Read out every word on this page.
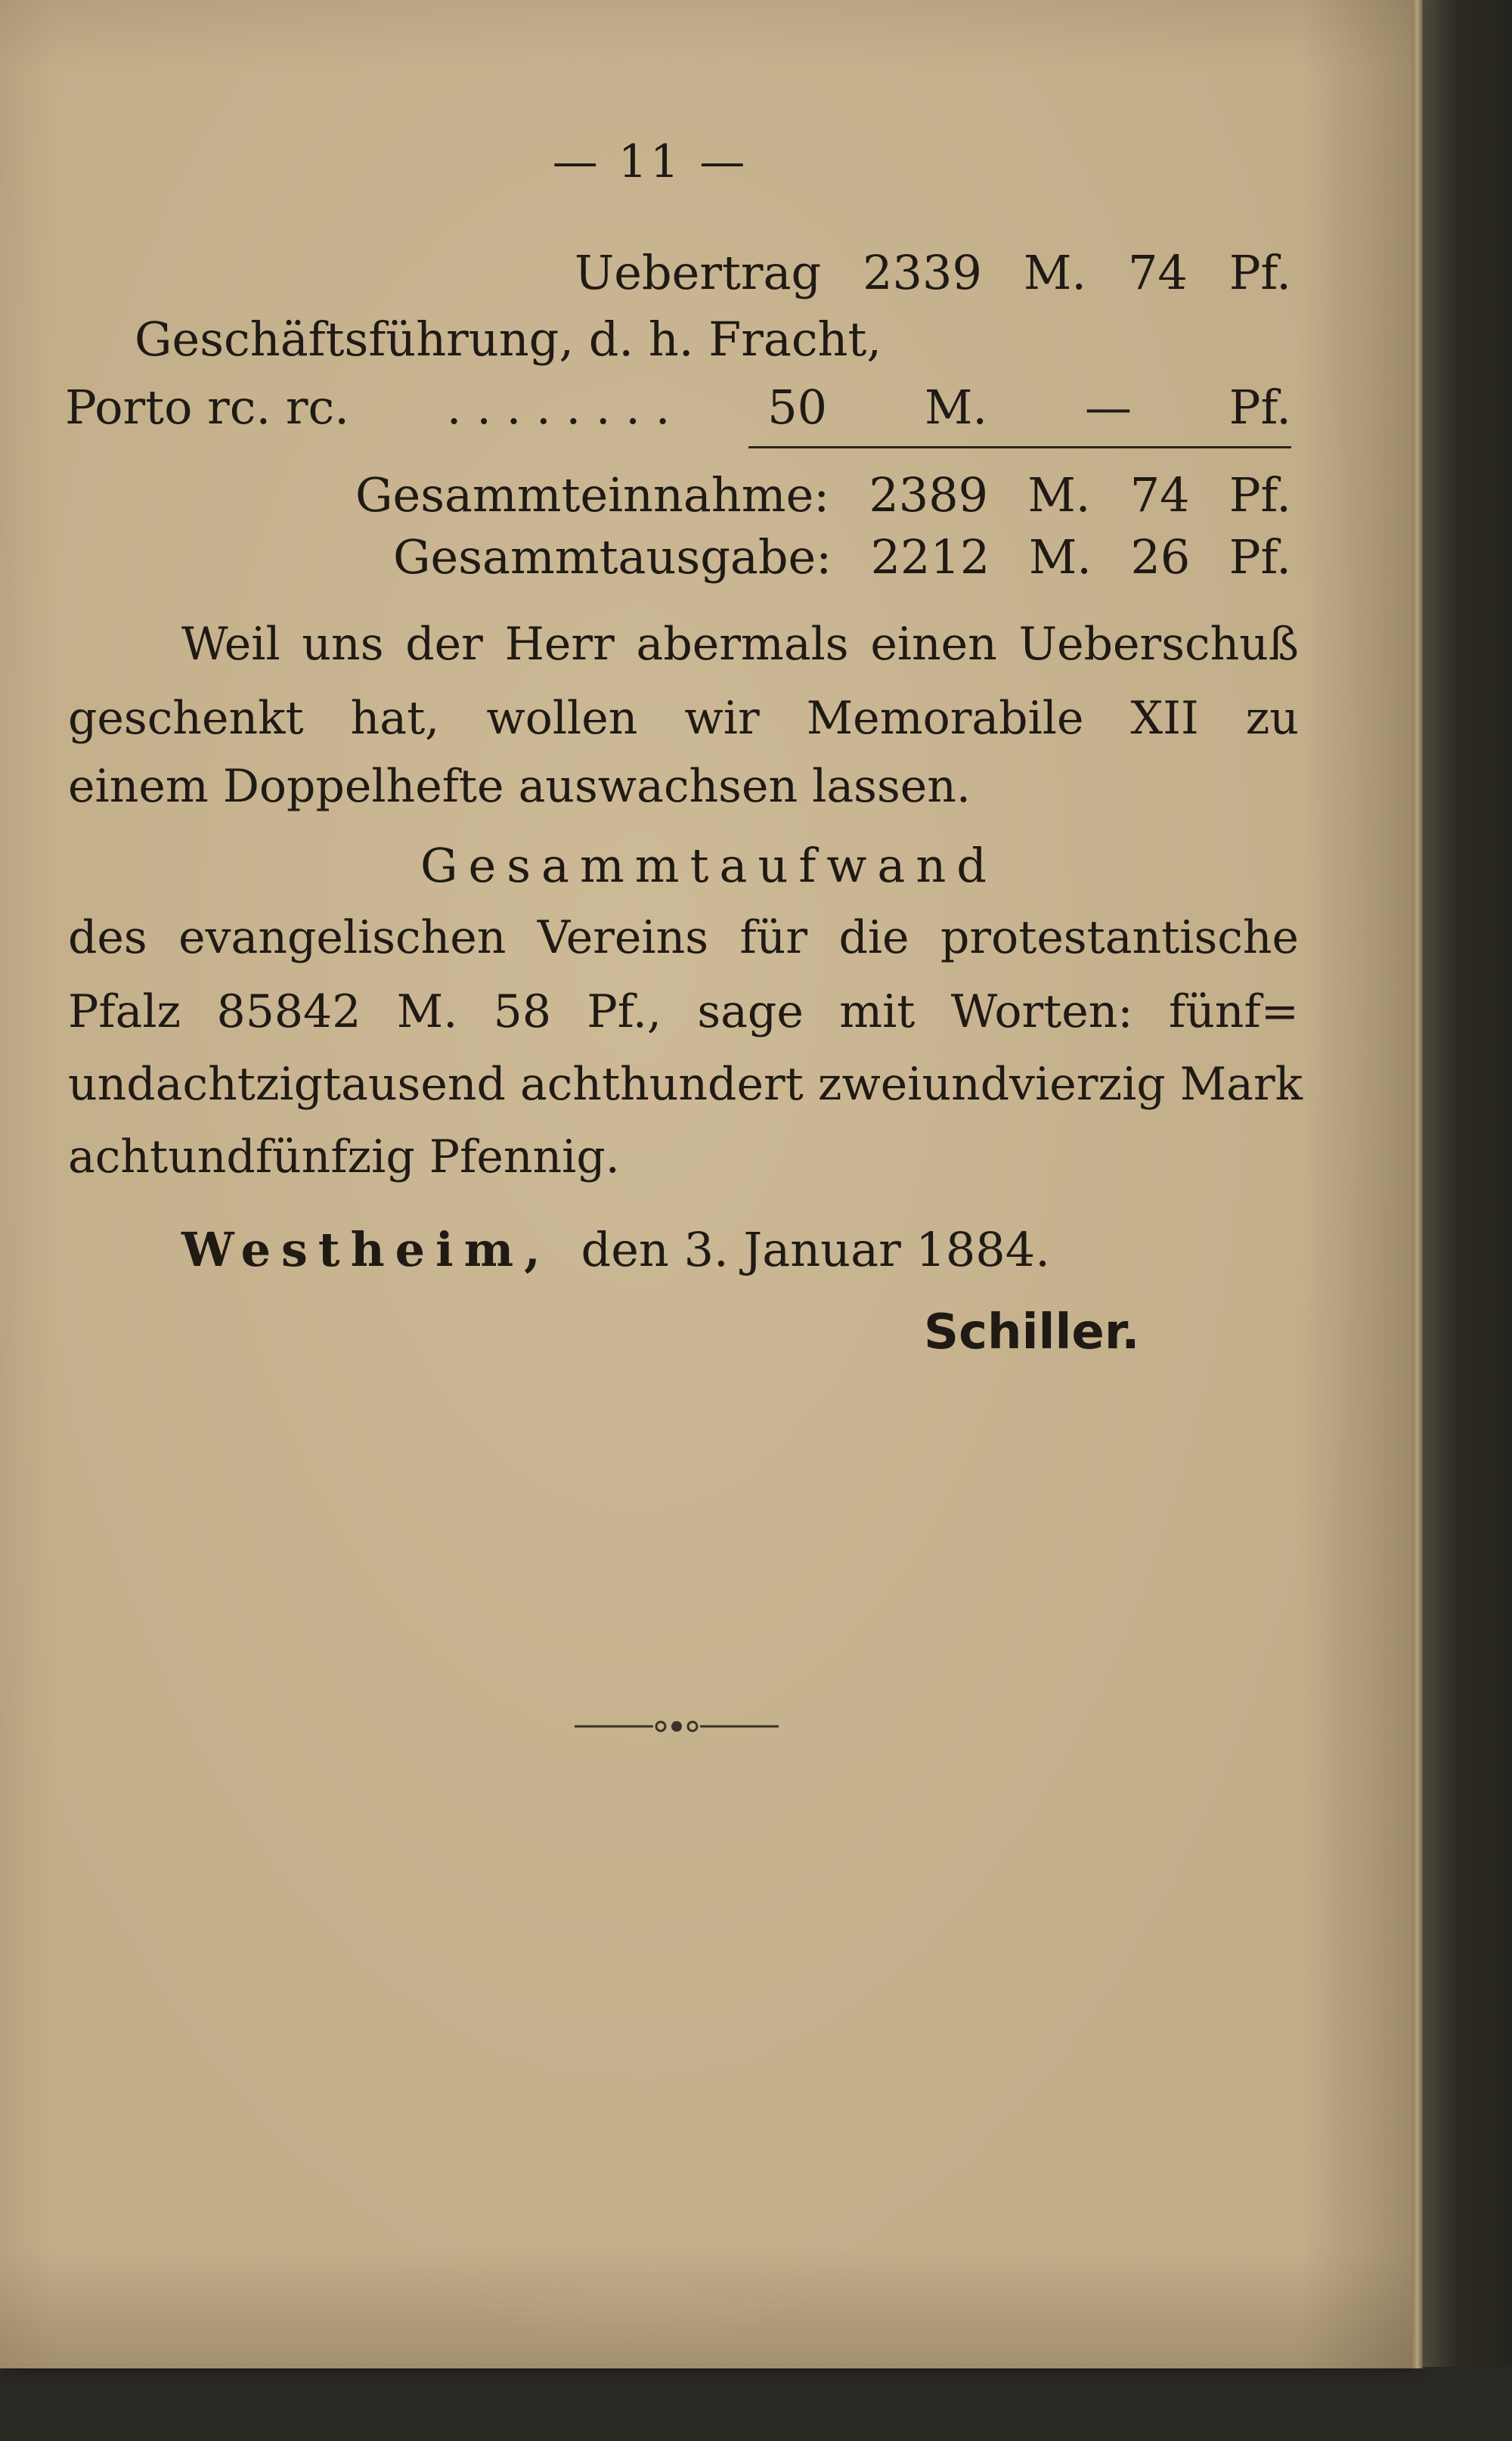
— 11 —
Uebertrag 2339 M. 74 Pf.
Geschäftsführung, d. h. Fracht,
Porto rc. rc. . . . . . . . . 50 M. — Pf.
Gesammteinnahme: 2389 M. 74 Pf.
Gesammtausgabe: 2212 M. 26 Pf.
Weil uns der Herr abermals einen Ueberschuß
geschenkt hat, wollen wir Memorabile XII zu
einem Doppelhefte auswachsen lassen.
Gesammtaufwand
des evangelischen Vereins für die protestantische
Pfalz 85842 M. 58 Pf., sage mit Worten: fünf=
undachtzigtausend achthundert zweiundvierzig Mark
achtundfünfzig Pfennig.
Westheim, den 3. Januar 1884.
Schiller.
